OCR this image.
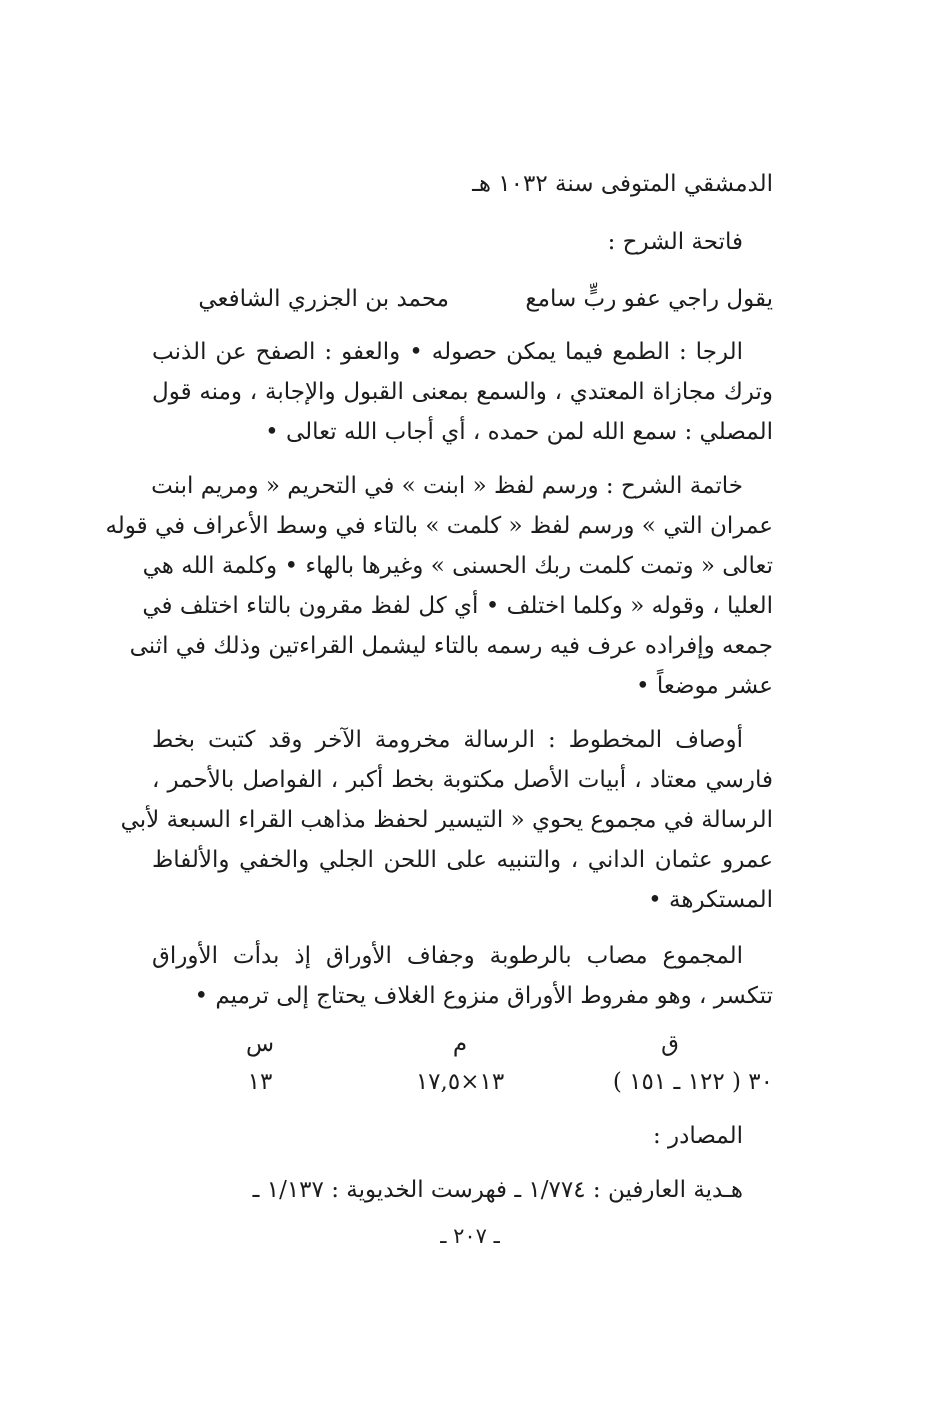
الدمشقي المتوفى سنة ١٠٣٢ هـ
فاتحة الشرح :
يقول راجي عفو ربٍّ سامع
محمد بن الجزري الشافعي
الرجا : الطمع فيما يمكن حصوله • والعفو : الصفح عن الذنب
وترك مجازاة المعتدي ، والسمع بمعنى القبول والإجابة ، ومنه قول
المصلي : سمع الله لمن حمده ، أي أجاب الله تعالى •
خاتمة الشرح : ورسم لفظ « ابنت » في التحريم « ومريم ابنت
عمران التي » ورسم لفظ « كلمت » بالتاء في وسط الأعراف في قوله
تعالى « وتمت كلمت ربك الحسنى » وغيرها بالهاء • وكلمة الله هي
العليا ، وقوله « وكلما اختلف • أي كل لفظ مقرون بالتاء اختلف في
جمعه وإفراده عرف فيه رسمه بالتاء ليشمل القراءتين وذلك في اثنى
عشر موضعاً •
أوصاف المخطوط : الرسالة مخرومة الآخر وقد كتبت بخط
فارسي معتاد ، أبيات الأصل مكتوبة بخط أكبر ، الفواصل بالأحمر ،
الرسالة في مجموع يحوي « التيسير لحفظ مذاهب القراء السبعة لأبي
عمرو عثمان الداني ، والتنبيه على اللحن الجلي والخفي والألفاظ
المستكرهة •
المجموع مصاب بالرطوبة وجفاف الأوراق إذ بدأت الأوراق
تتكسر ، وهو مفروط الأوراق منزوع الغلاف يحتاج إلى ترميم •
ق
م
س
٣٠ ( ١٢٢ ـ ١٥١ )
١٣×١٧,٥
١٣
المصادر :
هـدية العارفين : ١/٧٧٤ ـ فهرست الخديوية : ١/١٣٧ ـ
ـ ٢٠٧ ـ
